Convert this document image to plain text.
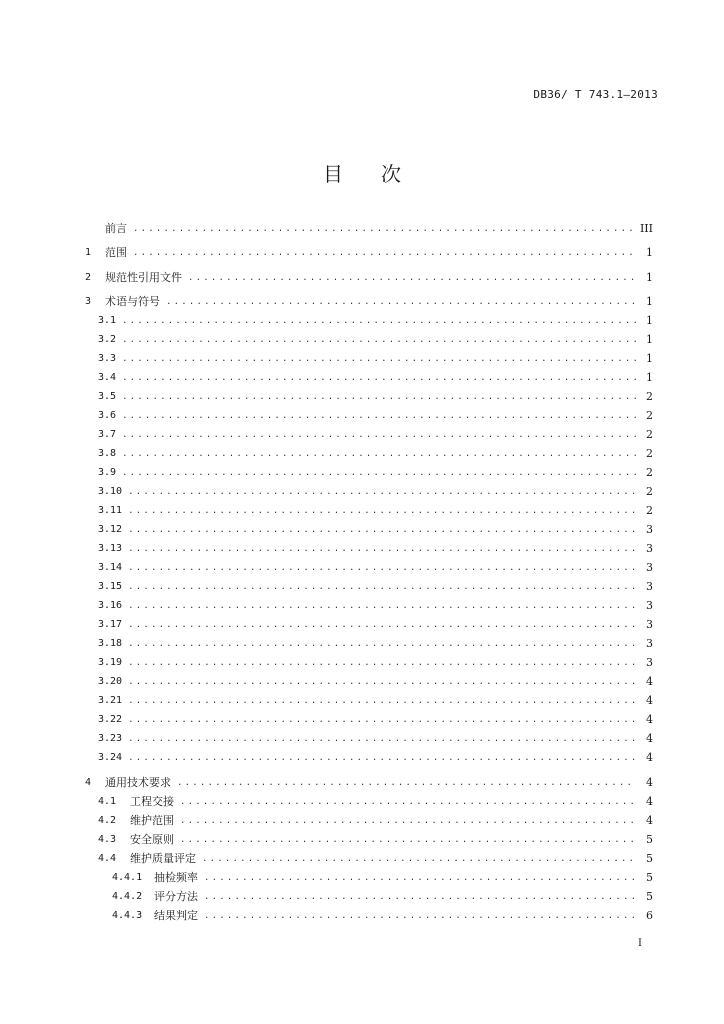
DB36/ T 743.1—2013
目 次
前言 .....	III
1	范围 .....	1
2	规范性引用文件 .....	1
3	术语与符号 .....	1
3.1 .....	1
3.2 .....	1
3.3 .....	1
3.4 .....	1
3.5 .....	2
3.6 .....	2
3.7 .....	2
3.8 .....	2
3.9 .....	2
3.10 .....	2
3.11 .....	2
3.12 .....	3
3.13 .....	3
3.14 .....	3
3.15 .....	3
3.16 .....	3
3.17 .....	3
3.18 .....	3
3.19 .....	3
3.20 .....	4
3.21 .....	4
3.22 .....	4
3.23 .....	4
3.24 .....	4
4	通用技术要求 .....	4
4.1	工程交接 .....	4
4.2	维护范围 .....	4
4.3	安全原则 .....	5
4.4	维护质量评定 .....	5
4.4.1	抽检频率 .....	5
4.4.2	评分方法 .....	5
4.4.3	结果判定 .....	6
I
